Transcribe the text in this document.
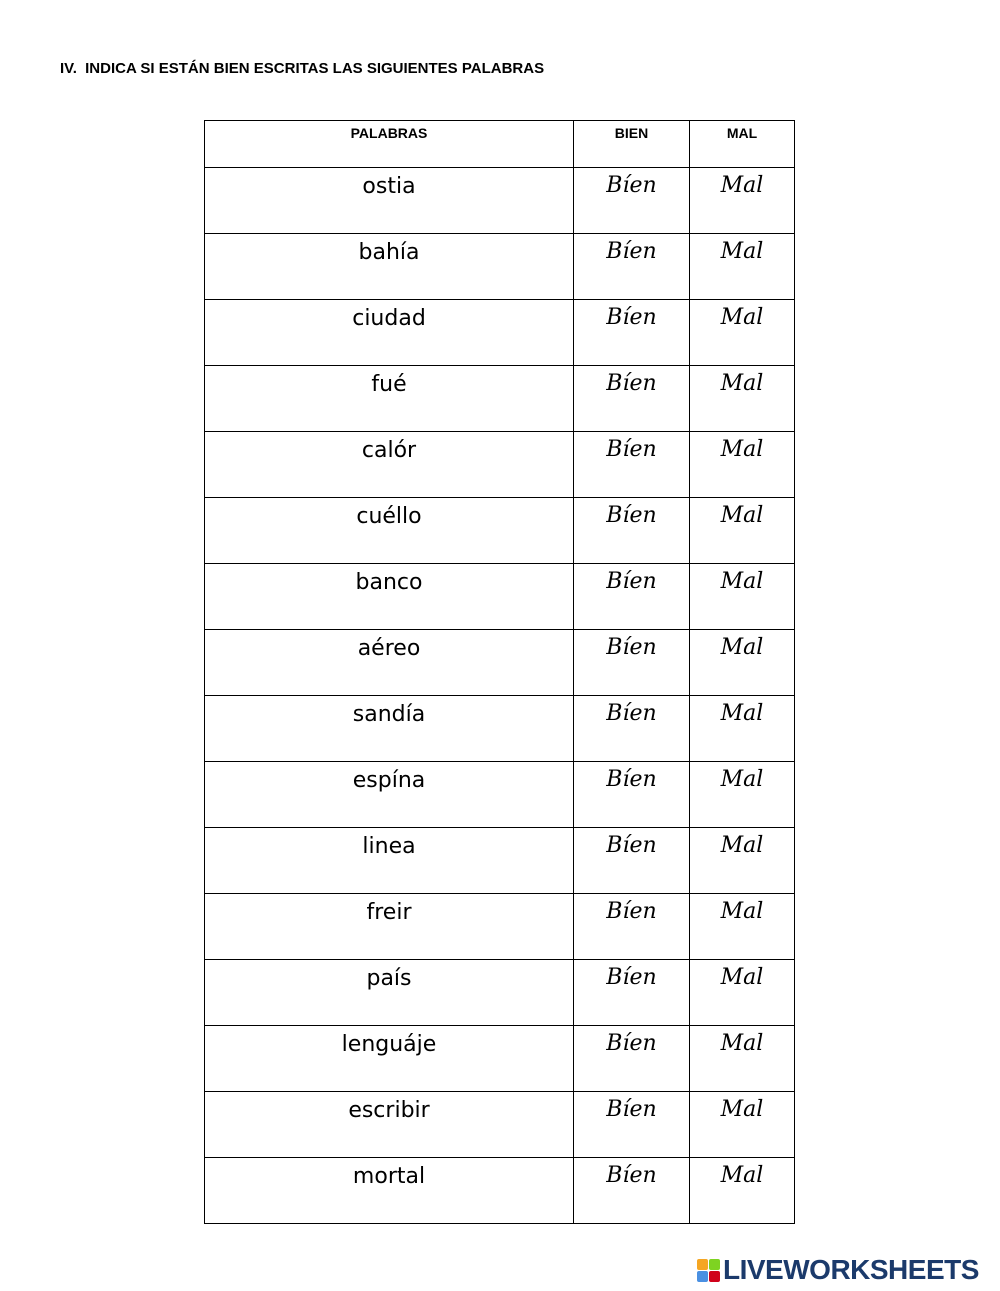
IV. INDICA SI ESTÁN BIEN ESCRITAS LAS SIGUIENTES PALABRAS
PALABRAS	BIEN	MAL
ostia	Bíen	Mal
bahía	Bíen	Mal
ciudad	Bíen	Mal
fué	Bíen	Mal
calór	Bíen	Mal
cuéllo	Bíen	Mal
banco	Bíen	Mal
aéreo	Bíen	Mal
sandía	Bíen	Mal
espína	Bíen	Mal
linea	Bíen	Mal
freir	Bíen	Mal
país	Bíen	Mal
lenguáje	Bíen	Mal
escribir	Bíen	Mal
mortal	Bíen	Mal
LIVEWORKSHEETS
